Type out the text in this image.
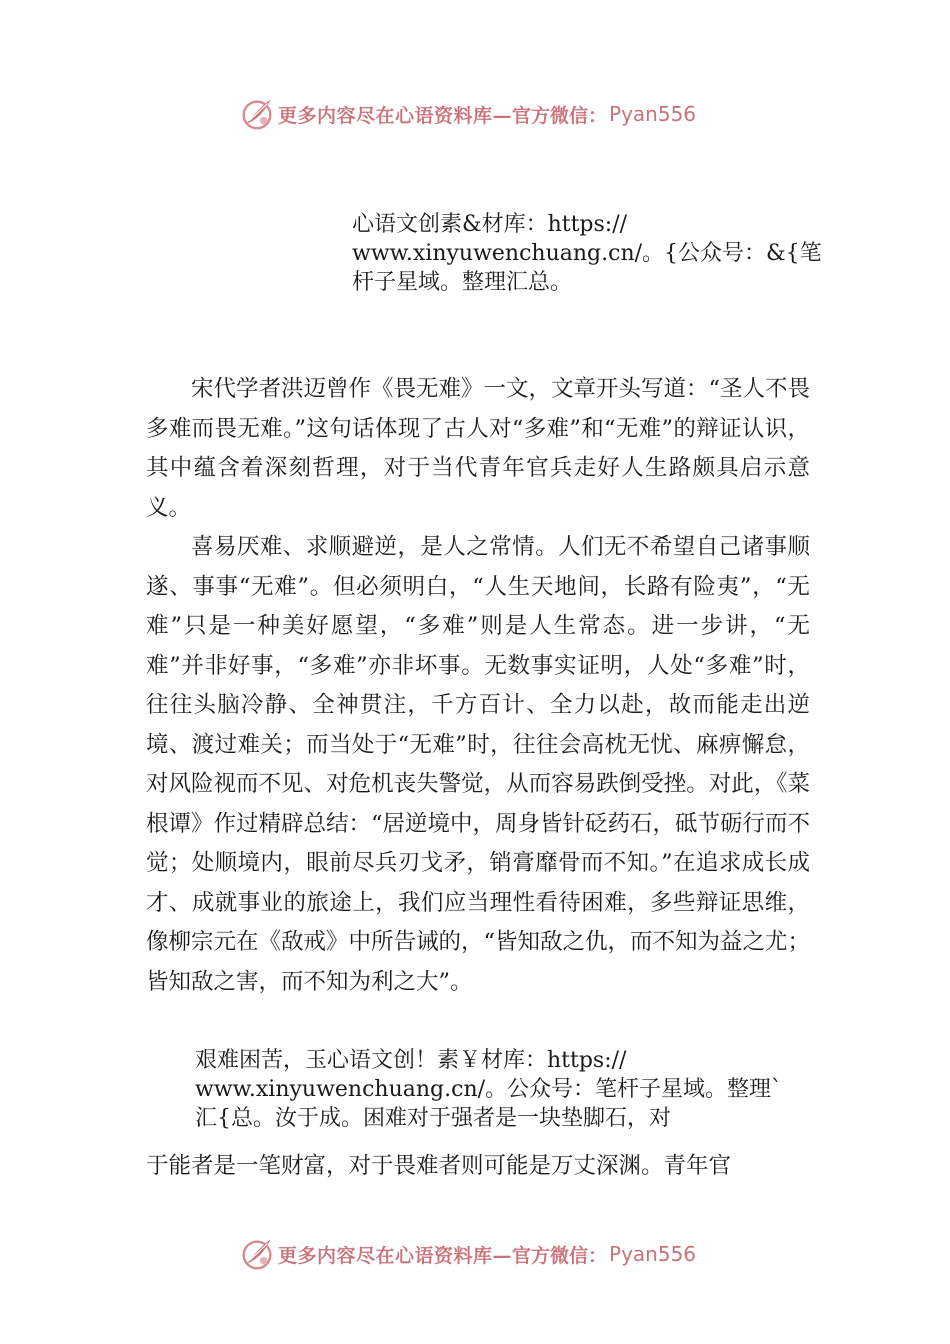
更多内容尽在心语资料库— 官方微信： Pyan556
心语文创素&材库：https://
www.xinyuwenchuang.cn/。{公众号：&{笔
杆子星域。整理汇总。

宋代学者洪迈曾作《畏无难》一文，文章开头写道：“圣人不畏多难而畏无难。”这句话体现了古人对“多难”和“无难”的辩证认识，其中蕴含着深刻哲理，对于当代青年官兵走好人生路颇具启示意义。

喜易厌难、求顺避逆，是人之常情。人们无不希望自己诸事顺遂、事事“无难”。但必须明白，“人生天地间，长路有险夷”，“无难”只是一种美好愿望，“多难”则是人生常态。进一步讲，“无难”并非好事，“多难”亦非坏事。无数事实证明，人处“多难”时，往往头脑冷静、全神贯注，千方百计、全力以赴，故而能走出逆境、渡过难关；而当处于“无难”时，往往会高枕无忧、麻痹懈怠，对风险视而不见、对危机丧失警觉，从而容易跌倒受挫。对此，《菜根谭》作过精辟总结：“居逆境中，周身皆针砭药石，砥节砺行而不觉；处顺境内，眼前尽兵刃戈矛，销膏靡骨而不知。”在追求成长成才、成就事业的旅途上，我们应当理性看待困难，多些辩证思维，像柳宗元在《敌戒》中所告诫的，“皆知敌之仇，而不知为益之尤；皆知敌之害，而不知为利之大”。

艰难困苦，玉心语文创！素￥材库：https://
www.xinyuwenchuang.cn/。公众号：笔杆子星域。整理`
汇{总。汝于成。困难对于强者是一块垫脚石，对

于能者是一笔财富，对于畏难者则可能是万丈深渊。青年官

更多内容尽在心语资料库— 官方微信： Pyan556
